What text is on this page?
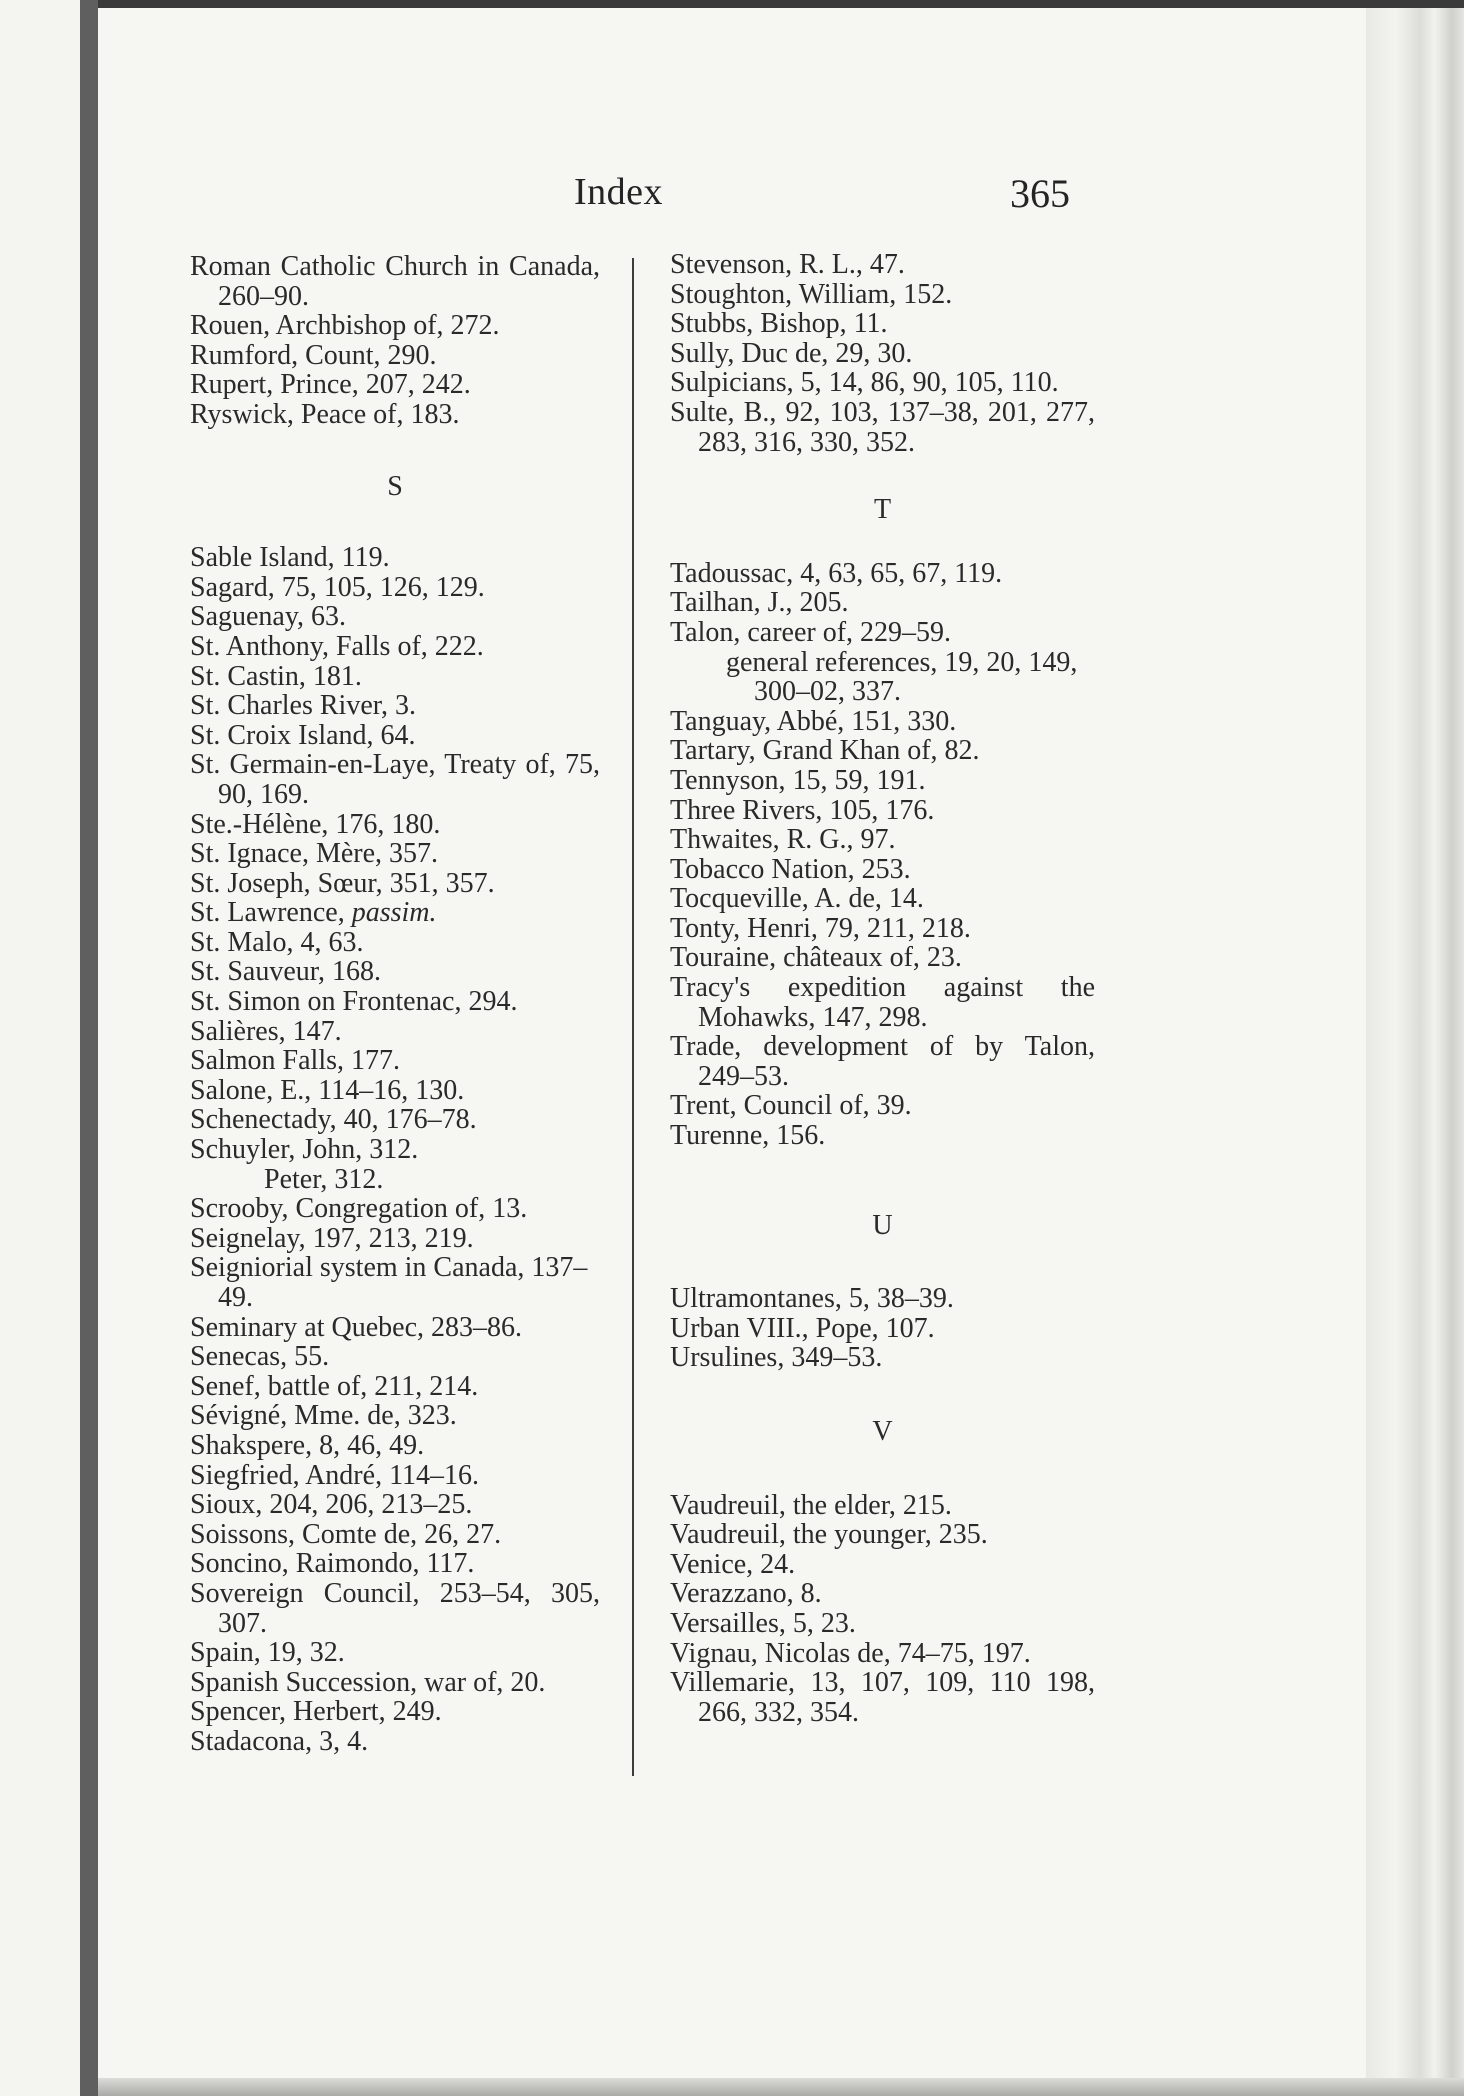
Index	365

Roman Catholic Church in Canada, 260–90.

Rouen, Archbishop of, 272.

Rumford, Count, 290.

Rupert, Prince, 207, 242.

Ryswick, Peace of, 183.

S

Sable Island, 119.

Sagard, 75, 105, 126, 129.

Saguenay, 63.

St. Anthony, Falls of, 222.

St. Castin, 181.

St. Charles River, 3.

St. Croix Island, 64.

St. Germain-en-Laye, Treaty of, 75, 90, 169.

Ste.-Hélène, 176, 180.

St. Ignace, Mère, 357.

St. Joseph, Sœur, 351, 357.

St. Lawrence, passim.

St. Malo, 4, 63.

St. Sauveur, 168.

St. Simon on Frontenac, 294.

Salières, 147.

Salmon Falls, 177.

Salone, E., 114–16, 130.

Schenectady, 40, 176–78.

Schuyler, John, 312.

Peter, 312.

Scrooby, Congregation of, 13.

Seignelay, 197, 213, 219.

Seigniorial system in Canada, 137–49.

Seminary at Quebec, 283–86.

Senecas, 55.

Senef, battle of, 211, 214.

Sévigné, Mme. de, 323.

Shakspere, 8, 46, 49.

Siegfried, André, 114–16.

Sioux, 204, 206, 213–25.

Soissons, Comte de, 26, 27.

Soncino, Raimondo, 117.

Sovereign Council, 253–54, 305, 307.

Spain, 19, 32.

Spanish Succession, war of, 20.

Spencer, Herbert, 249.

Stadacona, 3, 4.

Stevenson, R. L., 47.

Stoughton, William, 152.

Stubbs, Bishop, 11.

Sully, Duc de, 29, 30.

Sulpicians, 5, 14, 86, 90, 105, 110.

Sulte, B., 92, 103, 137–38, 201, 277, 283, 316, 330, 352.

T

Tadoussac, 4, 63, 65, 67, 119.

Tailhan, J., 205.

Talon, career of, 229–59.

general references, 19, 20, 149, 300–02, 337.

Tanguay, Abbé, 151, 330.

Tartary, Grand Khan of, 82.

Tennyson, 15, 59, 191.

Three Rivers, 105, 176.

Thwaites, R. G., 97.

Tobacco Nation, 253.

Tocqueville, A. de, 14.

Tonty, Henri, 79, 211, 218.

Touraine, châteaux of, 23.

Tracy's expedition against the Mohawks, 147, 298.

Trade, development of by Talon, 249–53.

Trent, Council of, 39.

Turenne, 156.

U

Ultramontanes, 5, 38–39.

Urban VIII., Pope, 107.

Ursulines, 349–53.

V

Vaudreuil, the elder, 215.

Vaudreuil, the younger, 235.

Venice, 24.

Verazzano, 8.

Versailles, 5, 23.

Vignau, Nicolas de, 74–75, 197.

Villemarie, 13, 107, 109, 110 198, 266, 332, 354.
